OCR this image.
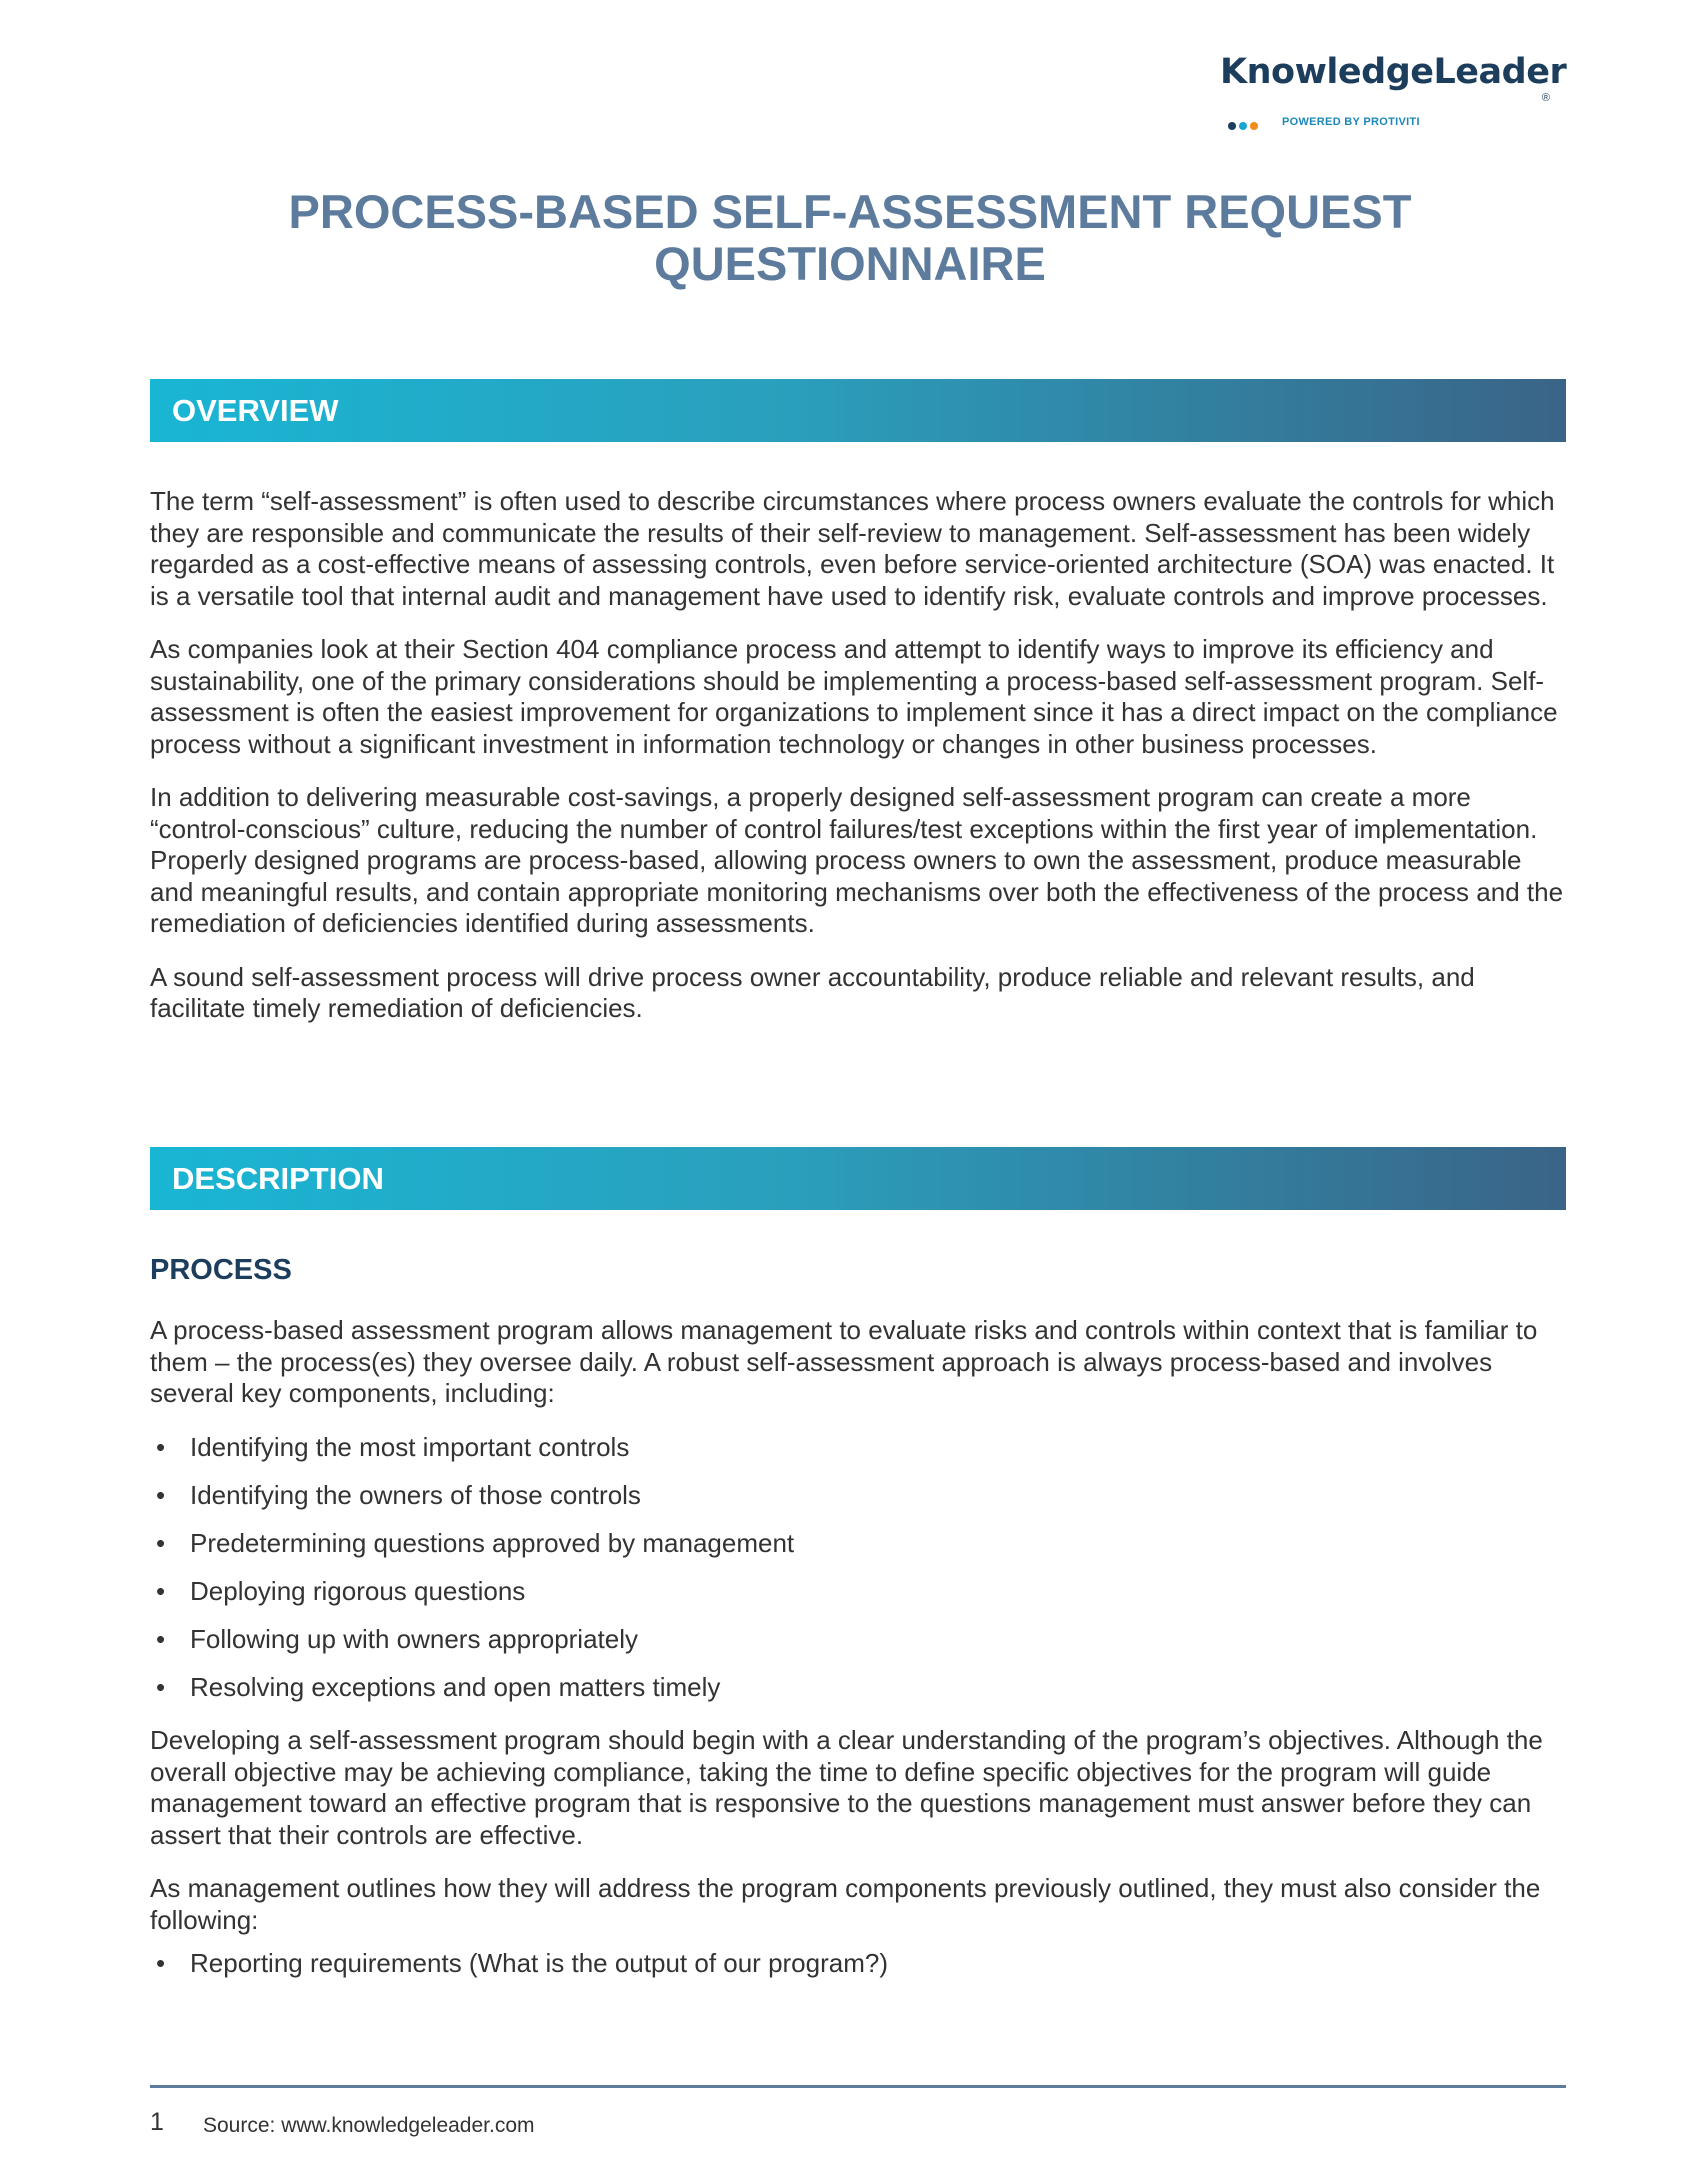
KnowledgeLeader®
POWERED BY PROTIVITI
PROCESS-BASED SELF-ASSESSMENT REQUEST
QUESTIONNAIRE
OVERVIEW

The term “self-assessment” is often used to describe circumstances where process owners evaluate the controls for which they are responsible and communicate the results of their self-review to management. Self-assessment has been widely regarded as a cost-effective means of assessing controls, even before service-oriented architecture (SOA) was enacted. It is a versatile tool that internal audit and management have used to identify risk, evaluate controls and improve processes.

As companies look at their Section 404 compliance process and attempt to identify ways to improve its efficiency and sustainability, one of the primary considerations should be implementing a process-based self-assessment program. Self-assessment is often the easiest improvement for organizations to implement since it has a direct impact on the compliance process without a significant investment in information technology or changes in other business processes.

In addition to delivering measurable cost-savings, a properly designed self-assessment program can create a more “control-conscious” culture, reducing the number of control failures/test exceptions within the first year of implementation. Properly designed programs are process-based, allowing process owners to own the assessment, produce measurable and meaningful results, and contain appropriate monitoring mechanisms over both the effectiveness of the process and the remediation of deficiencies identified during assessments.

A sound self-assessment process will drive process owner accountability, produce reliable and relevant results, and facilitate timely remediation of deficiencies.

DESCRIPTION
PROCESS

A process-based assessment program allows management to evaluate risks and controls within context that is familiar to them – the process(es) they oversee daily. A robust self-assessment approach is always process-based and involves several key components, including:

• Identifying the most important controls
• Identifying the owners of those controls
• Predetermining questions approved by management
• Deploying rigorous questions
• Following up with owners appropriately
• Resolving exceptions and open matters timely

Developing a self-assessment program should begin with a clear understanding of the program’s objectives. Although the overall objective may be achieving compliance, taking the time to define specific objectives for the program will guide management toward an effective program that is responsive to the questions management must answer before they can assert that their controls are effective.

As management outlines how they will address the program components previously outlined, they must also consider the following:

• Reporting requirements (What is the output of our program?)
1 Source: www.knowledgeleader.com
